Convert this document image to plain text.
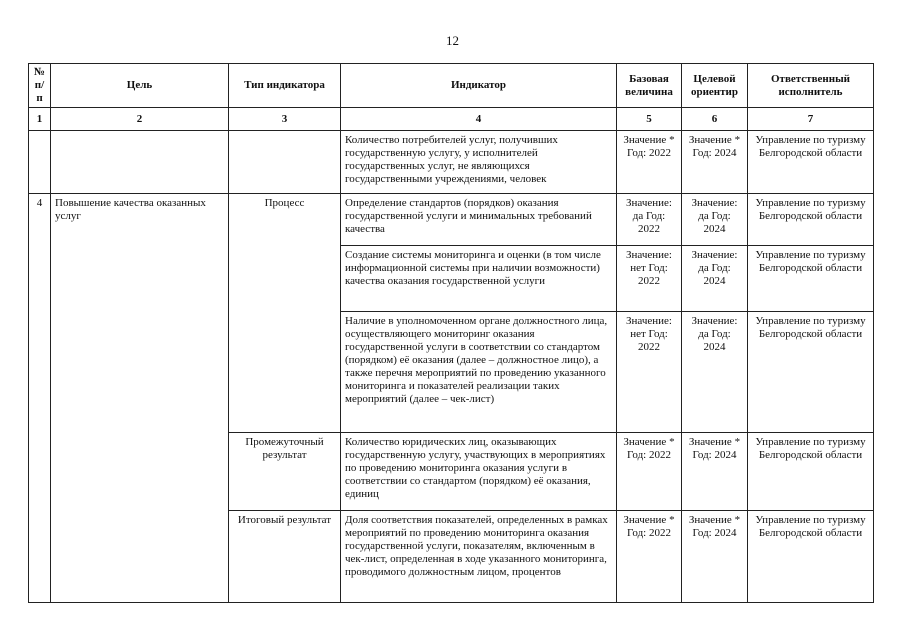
12
№ п/п	Цель	Тип индикатора	Индикатор	Базовая величина	Целевой ориентир	Ответственный исполнитель
1	2	3	4	5	6	7
			Количество потребителей услуг, получивших государственную услугу, у исполнителей государственных услуг, не являющихся государственными учреждениями, человек	Значение * Год: 2022	Значение * Год: 2024	Управление по туризму Белгородской области
4	Повышение качества оказанных услуг	Процесс	Определение стандартов (порядков) оказания государственной услуги и минимальных требований качества	Значение: да Год: 2022	Значение: да Год: 2024	Управление по туризму Белгородской области
			Создание системы мониторинга и оценки (в том числе информационной системы при наличии возможности) качества оказания государственной услуги	Значение: нет Год: 2022	Значение: да Год: 2024	Управление по туризму Белгородской области
			Наличие в уполномоченном органе должностного лица, осуществляющего мониторинг оказания государственной услуги в соответствии со стандартом (порядком) её оказания (далее – должностное лицо), а также перечня мероприятий по проведению указанного мониторинга и показателей реализации таких мероприятий (далее – чек-лист)	Значение: нет Год: 2022	Значение: да Год: 2024	Управление по туризму Белгородской области
		Промежуточный результат	Количество юридических лиц, оказывающих государственную услугу, участвующих в мероприятиях по проведению мониторинга оказания услуги в соответствии со стандартом (порядком) её оказания, единиц	Значение * Год: 2022	Значение * Год: 2024	Управление по туризму Белгородской области
		Итоговый результат	Доля соответствия показателей, определенных в рамках мероприятий по проведению мониторинга оказания государственной услуги, показателям, включенным в чек-лист, определенная в ходе указанного мониторинга, проводимого должностным лицом, процентов	Значение * Год: 2022	Значение * Год: 2024	Управление по туризму Белгородской области
